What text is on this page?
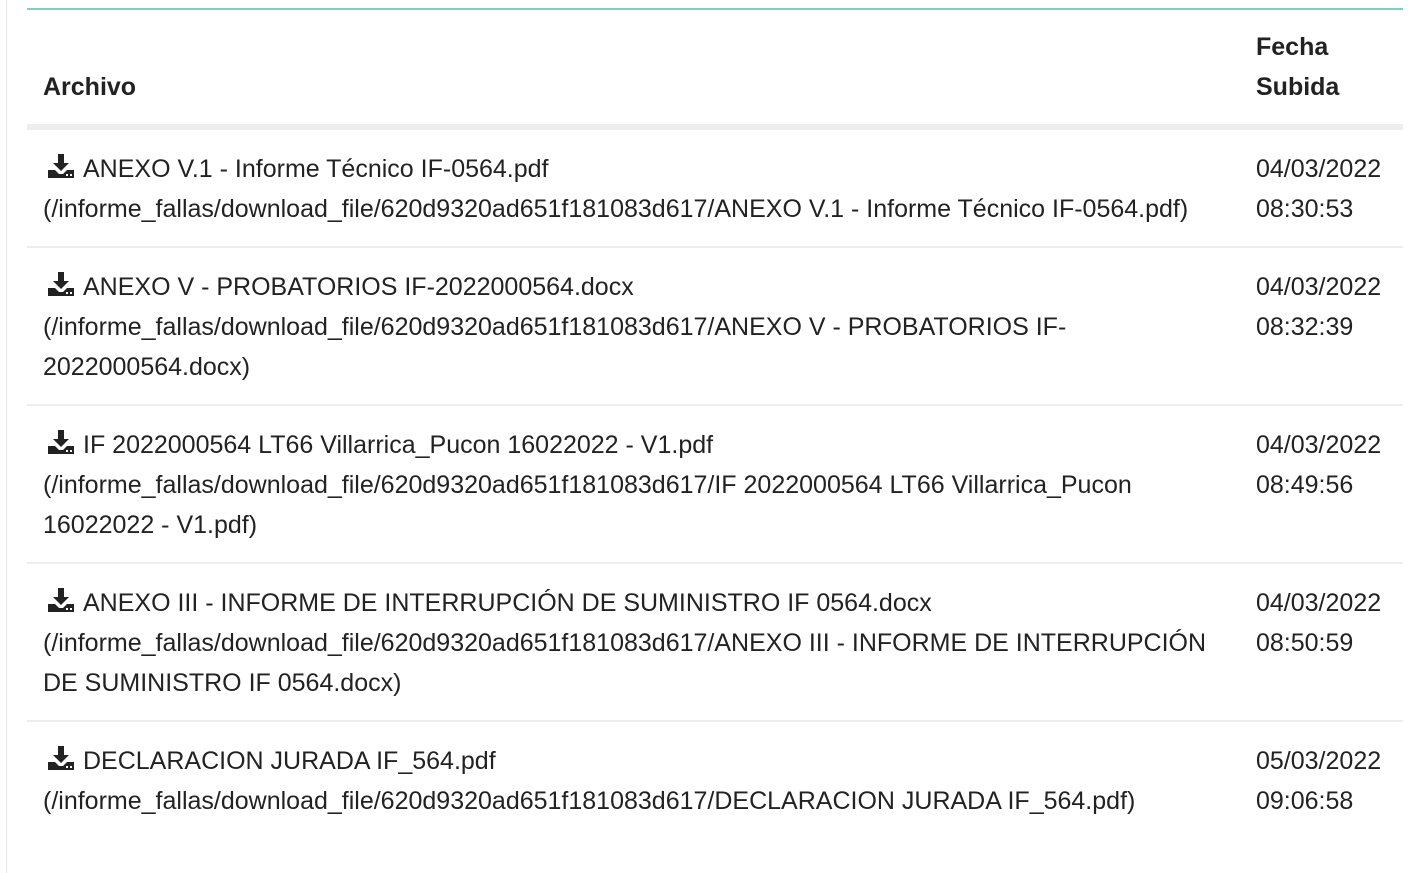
Archivo	Fecha
Subida

ANEXO V.1 - Informe Técnico IF-0564.pdf
(/informe_fallas/download_file/620d9320ad651f181083d617/ANEXO V.1 - Informe Técnico IF-0564.pdf)	04/03/2022
08:30:53

ANEXO V - PROBATORIOS IF-2022000564.docx
(/informe_fallas/download_file/620d9320ad651f181083d617/ANEXO V - PROBATORIOS IF-2022000564.docx)	04/03/2022
08:32:39

IF 2022000564 LT66 Villarrica_Pucon 16022022 - V1.pdf
(/informe_fallas/download_file/620d9320ad651f181083d617/IF 2022000564 LT66 Villarrica_Pucon 16022022 - V1.pdf)	04/03/2022
08:49:56

ANEXO III - INFORME DE INTERRUPCIÓN DE SUMINISTRO IF 0564.docx
(/informe_fallas/download_file/620d9320ad651f181083d617/ANEXO III - INFORME DE INTERRUPCIÓN DE SUMINISTRO IF 0564.docx)	04/03/2022
08:50:59

DECLARACION JURADA IF_564.pdf
(/informe_fallas/download_file/620d9320ad651f181083d617/DECLARACION JURADA IF_564.pdf)	05/03/2022
09:06:58
